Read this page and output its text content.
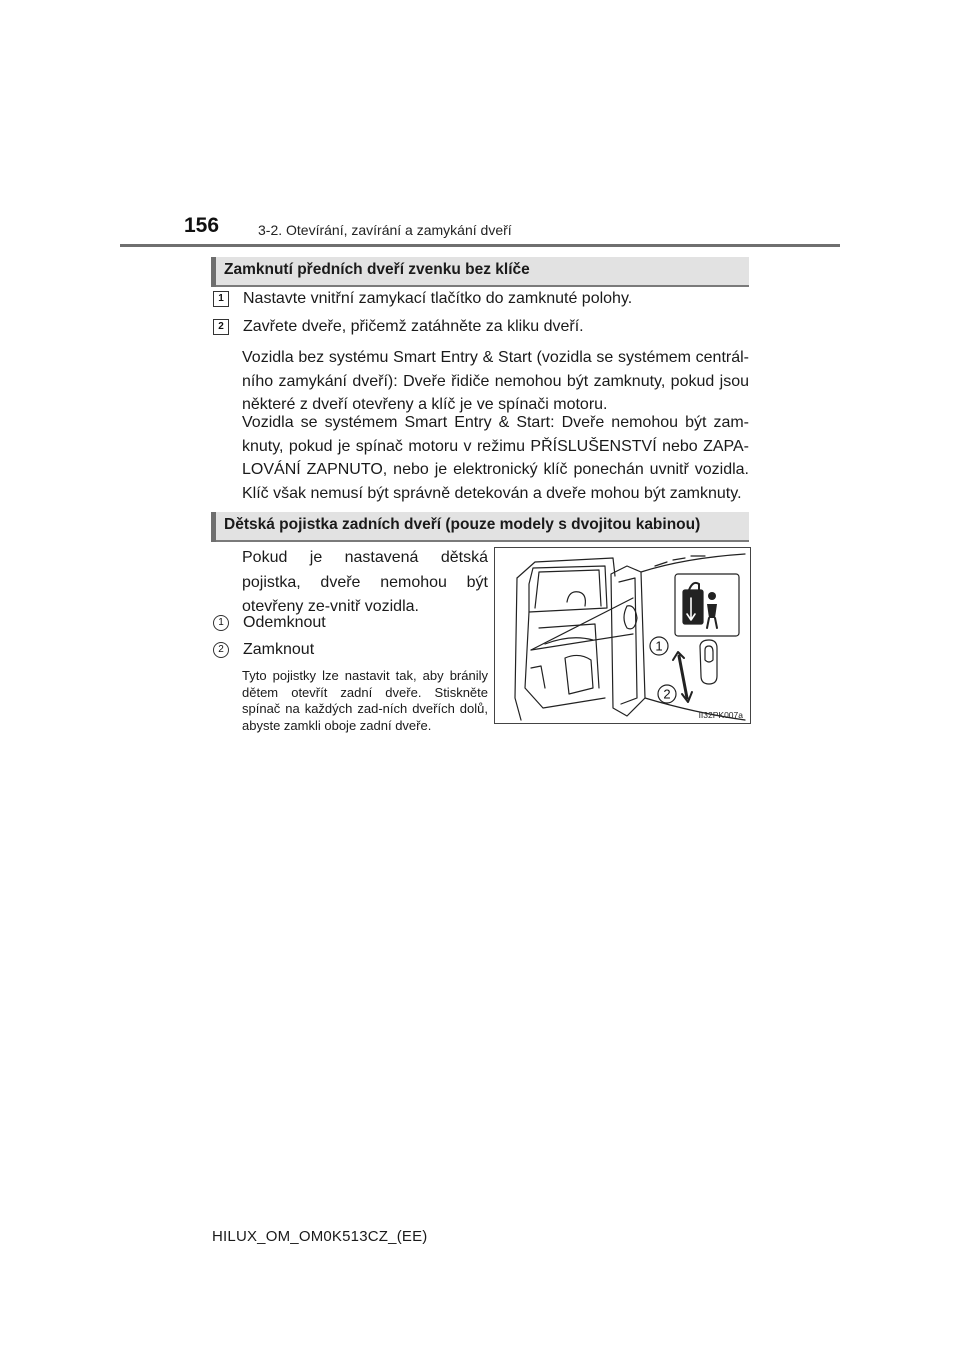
156	3-2. Otevírání, zavírání a zamykání dveří
Zamknutí předních dveří zvenku bez klíče
1	Nastavte vnitřní zamykací tlačítko do zamknuté polohy.
2	Zavřete dveře, přičemž zatáhněte za kliku dveří.

Vozidla bez systému Smart Entry & Start (vozidla se systémem centrál-ního zamykání dveří): Dveře řidiče nemohou být zamknuty, pokud jsou některé z dveří otevřeny a klíč je ve spínači motoru.

Vozidla se systémem Smart Entry & Start: Dveře nemohou být zam-knuty, pokud je spínač motoru v režimu PŘÍSLUŠENSTVÍ nebo ZAPA-LOVÁNÍ ZAPNUTO, nebo je elektronický klíč ponechán uvnitř vozidla. Klíč však nemusí být správně detekován a dveře mohou být zamknuty.

Dětská pojistka zadních dveří (pouze modely s dvojitou kabinou)

Pokud je nastavená dětská pojistka, dveře nemohou být otevřeny ze-vnitř vozidla.

1	Odemknout
2	Zamknout

Tyto pojistky lze nastavit tak, aby bránily dětem otevřít zadní dveře. Stiskněte spínač na každých zad-ních dveřích dolů, abyste zamkli oboje zadní dveře.

1
2
II32PK007a
HILUX_OM_OM0K513CZ_(EE)
